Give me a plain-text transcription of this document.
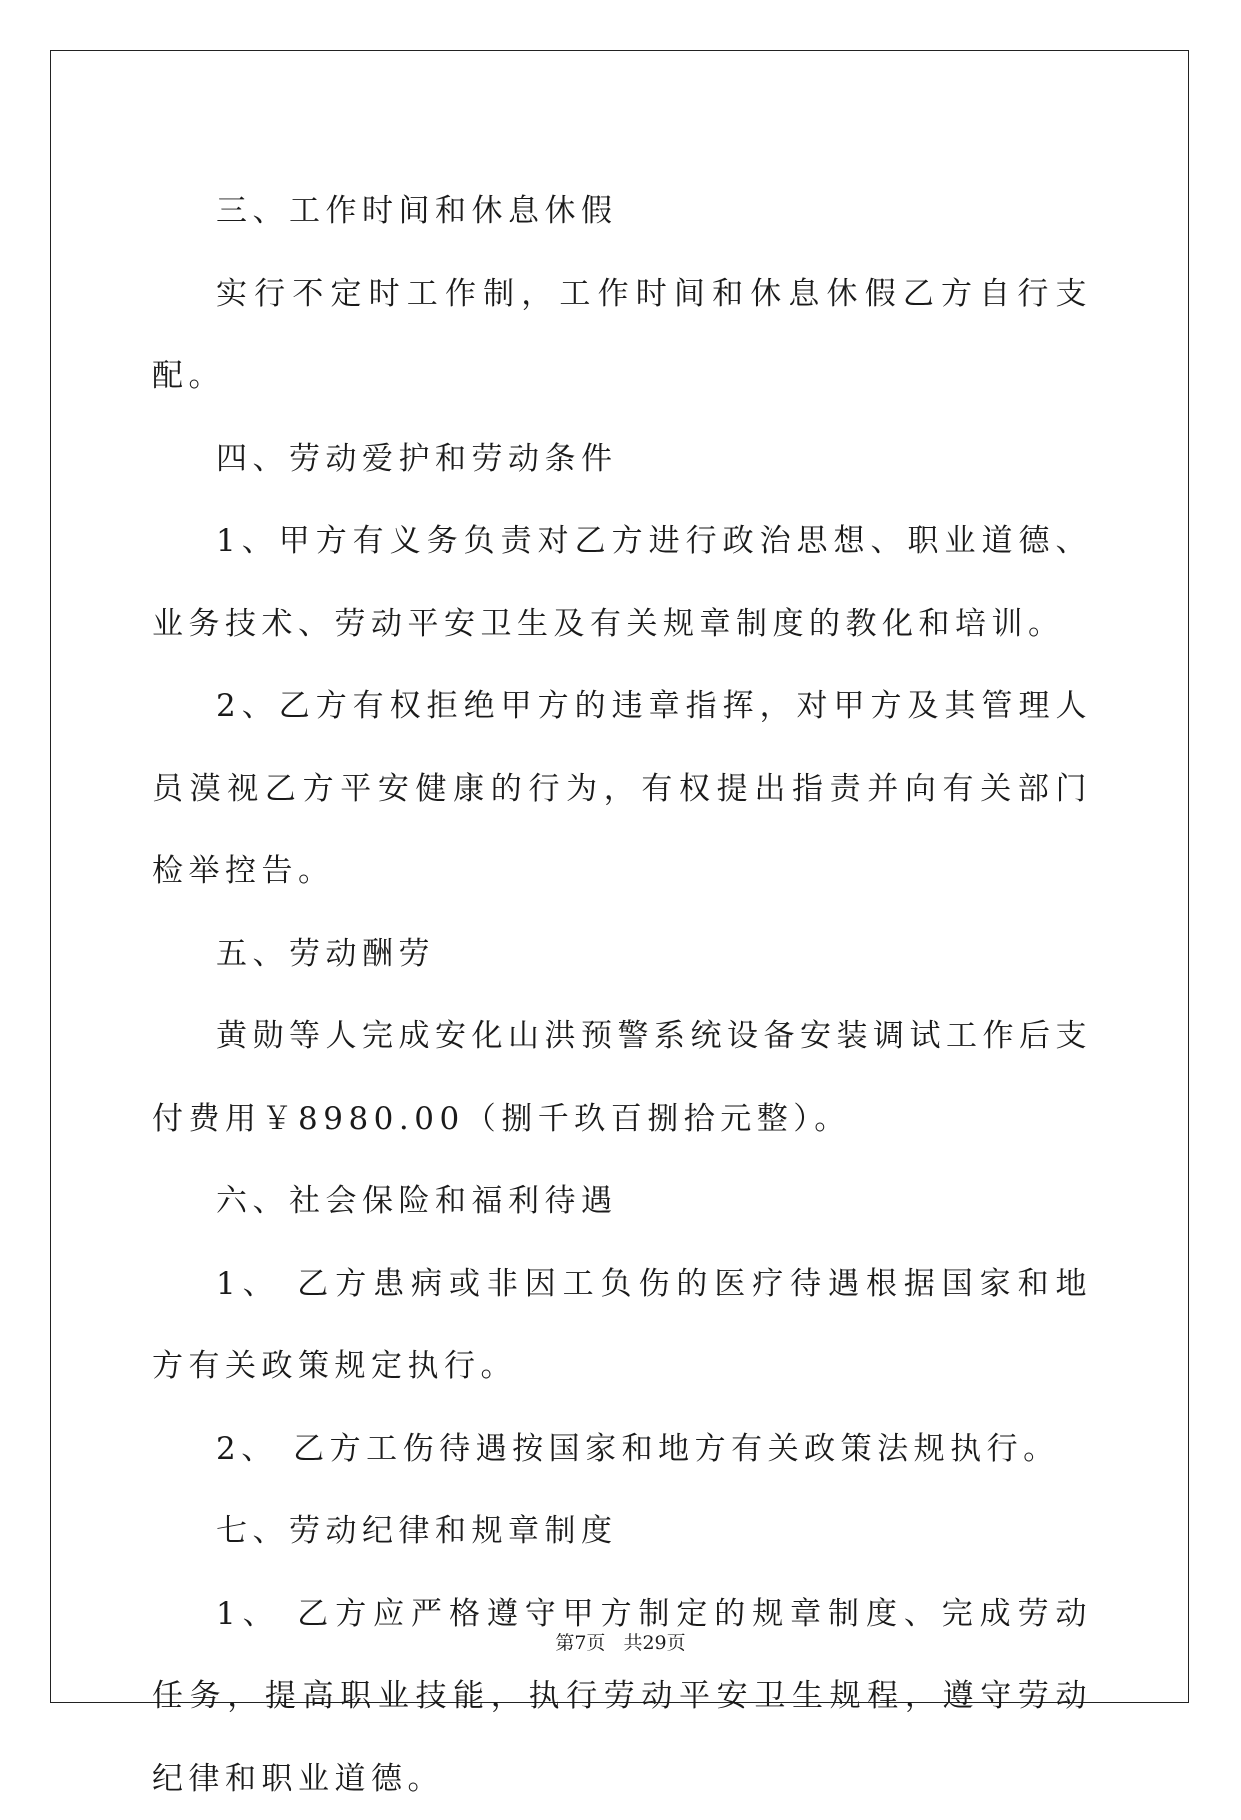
三、工作时间和休息休假

实行不定时工作制，工作时间和休息休假乙方自行支配。

四、劳动爱护和劳动条件

1、甲方有义务负责对乙方进行政治思想、职业道德、业务技术、劳动平安卫生及有关规章制度的教化和培训。

2、乙方有权拒绝甲方的违章指挥，对甲方及其管理人员漠视乙方平安健康的行为，有权提出指责并向有关部门检举控告。

五、劳动酬劳

黄勋等人完成安化山洪预警系统设备安装调试工作后支付费用￥8980.00（捌千玖百捌拾元整）。

六、社会保险和福利待遇

1、 乙方患病或非因工负伤的医疗待遇根据国家和地方有关政策规定执行。

2、 乙方工伤待遇按国家和地方有关政策法规执行。

七、劳动纪律和规章制度

1、 乙方应严格遵守甲方制定的规章制度、完成劳动任务，提高职业技能，执行劳动平安卫生规程，遵守劳动纪律和职业道德。

第7页 共29页
